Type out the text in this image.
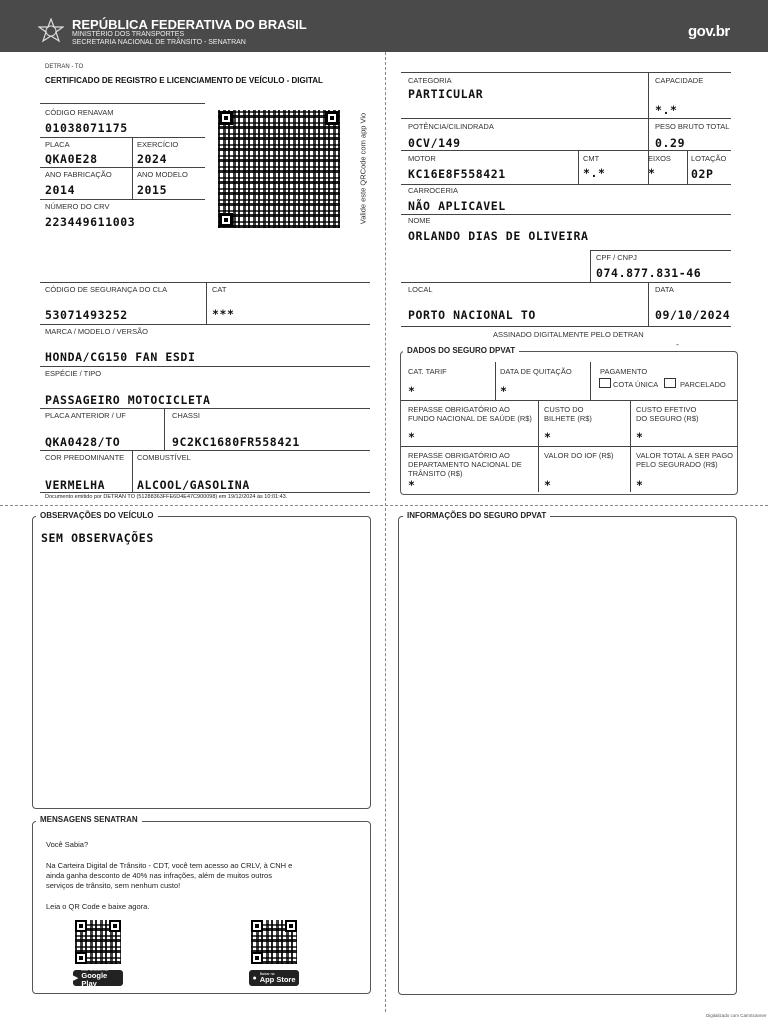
REPÚBLICA FEDERATIVA DO BRASIL
MINISTÉRIO DOS TRANSPORTES
SECRETARIA NACIONAL DE TRÂNSITO - SENATRAN
gov.br
DETRAN - TO
CERTIFICADO DE REGISTRO E LICENCIAMENTO DE VEÍCULO - DIGITAL
CÓDIGO RENAVAM
01038071175
PLACA
QKA0E28
EXERCÍCIO
2024
ANO FABRICAÇÃO
2014
ANO MODELO
2015
NÚMERO DO CRV
223449611003	Valide este QRCode com app Vio
CÓDIGO DE SEGURANÇA DO CLA
53071493252
CAT
***
MARCA / MODELO / VERSÃO
HONDA/CG150 FAN ESDI
ESPÉCIE / TIPO
PASSAGEIRO MOTOCICLETA
PLACA ANTERIOR / UF
QKA0428/TO
CHASSI
9C2KC1680FR558421
COR PREDOMINANTE
VERMELHA
COMBUSTÍVEL
ALCOOL/GASOLINA
Documento emitido por DETRAN TO (51288363FFE6D4E47C900098) em 19/12/2024 às 10:01:43.
CATEGORIA
PARTICULAR
CAPACIDADE
*.*
POTÊNCIA/CILINDRADA
0CV/149
PESO BRUTO TOTAL
0.29
MOTOR
KC16E8F558421
CMT
*.*
EIXOS
*
LOTAÇÃO
02P
CARROCERIA
NÃO APLICAVEL
NOME
ORLANDO DIAS DE OLIVEIRA
CPF / CNPJ
074.877.831-46
LOCAL
PORTO NACIONAL TO
DATA
09/10/2024
ASSINADO DIGITALMENTE PELO DETRAN
-
DADOS DO SEGURO DPVAT
CAT. TARIF
*
DATA DE QUITAÇÃO
*
PAGAMENTO
COTA ÚNICA	PARCELADO
REPASSE OBRIGATÓRIO AO
FUNDO NACIONAL DE SAÚDE (R$)
*
CUSTO DO
BILHETE (R$)
*
CUSTO EFETIVO
DO SEGURO (R$)
*
REPASSE OBRIGATÓRIO AO
DEPARTAMENTO NACIONAL DE
TRÂNSITO (R$)
*
VALOR DO IOF (R$)
*
VALOR TOTAL A SER PAGO
PELO SEGURADO (R$)
*
OBSERVAÇÕES DO VEÍCULO
SEM OBSERVAÇÕES
MENSAGENS SENATRAN
Você Sabia?
Na Carteira Digital de Trânsito - CDT, você tem acesso ao CRLV, à CNH e
ainda ganha desconto de 40% nas infrações, além de muitos outros
serviços de trânsito, sem nenhum custo!
Leia o QR Code e baixe agora.
▶
DISPONÍVEL NO
Google Play
●
Baixar na
App Store
INFORMAÇÕES DO SEGURO DPVAT
Digitalizado com CamScanner
